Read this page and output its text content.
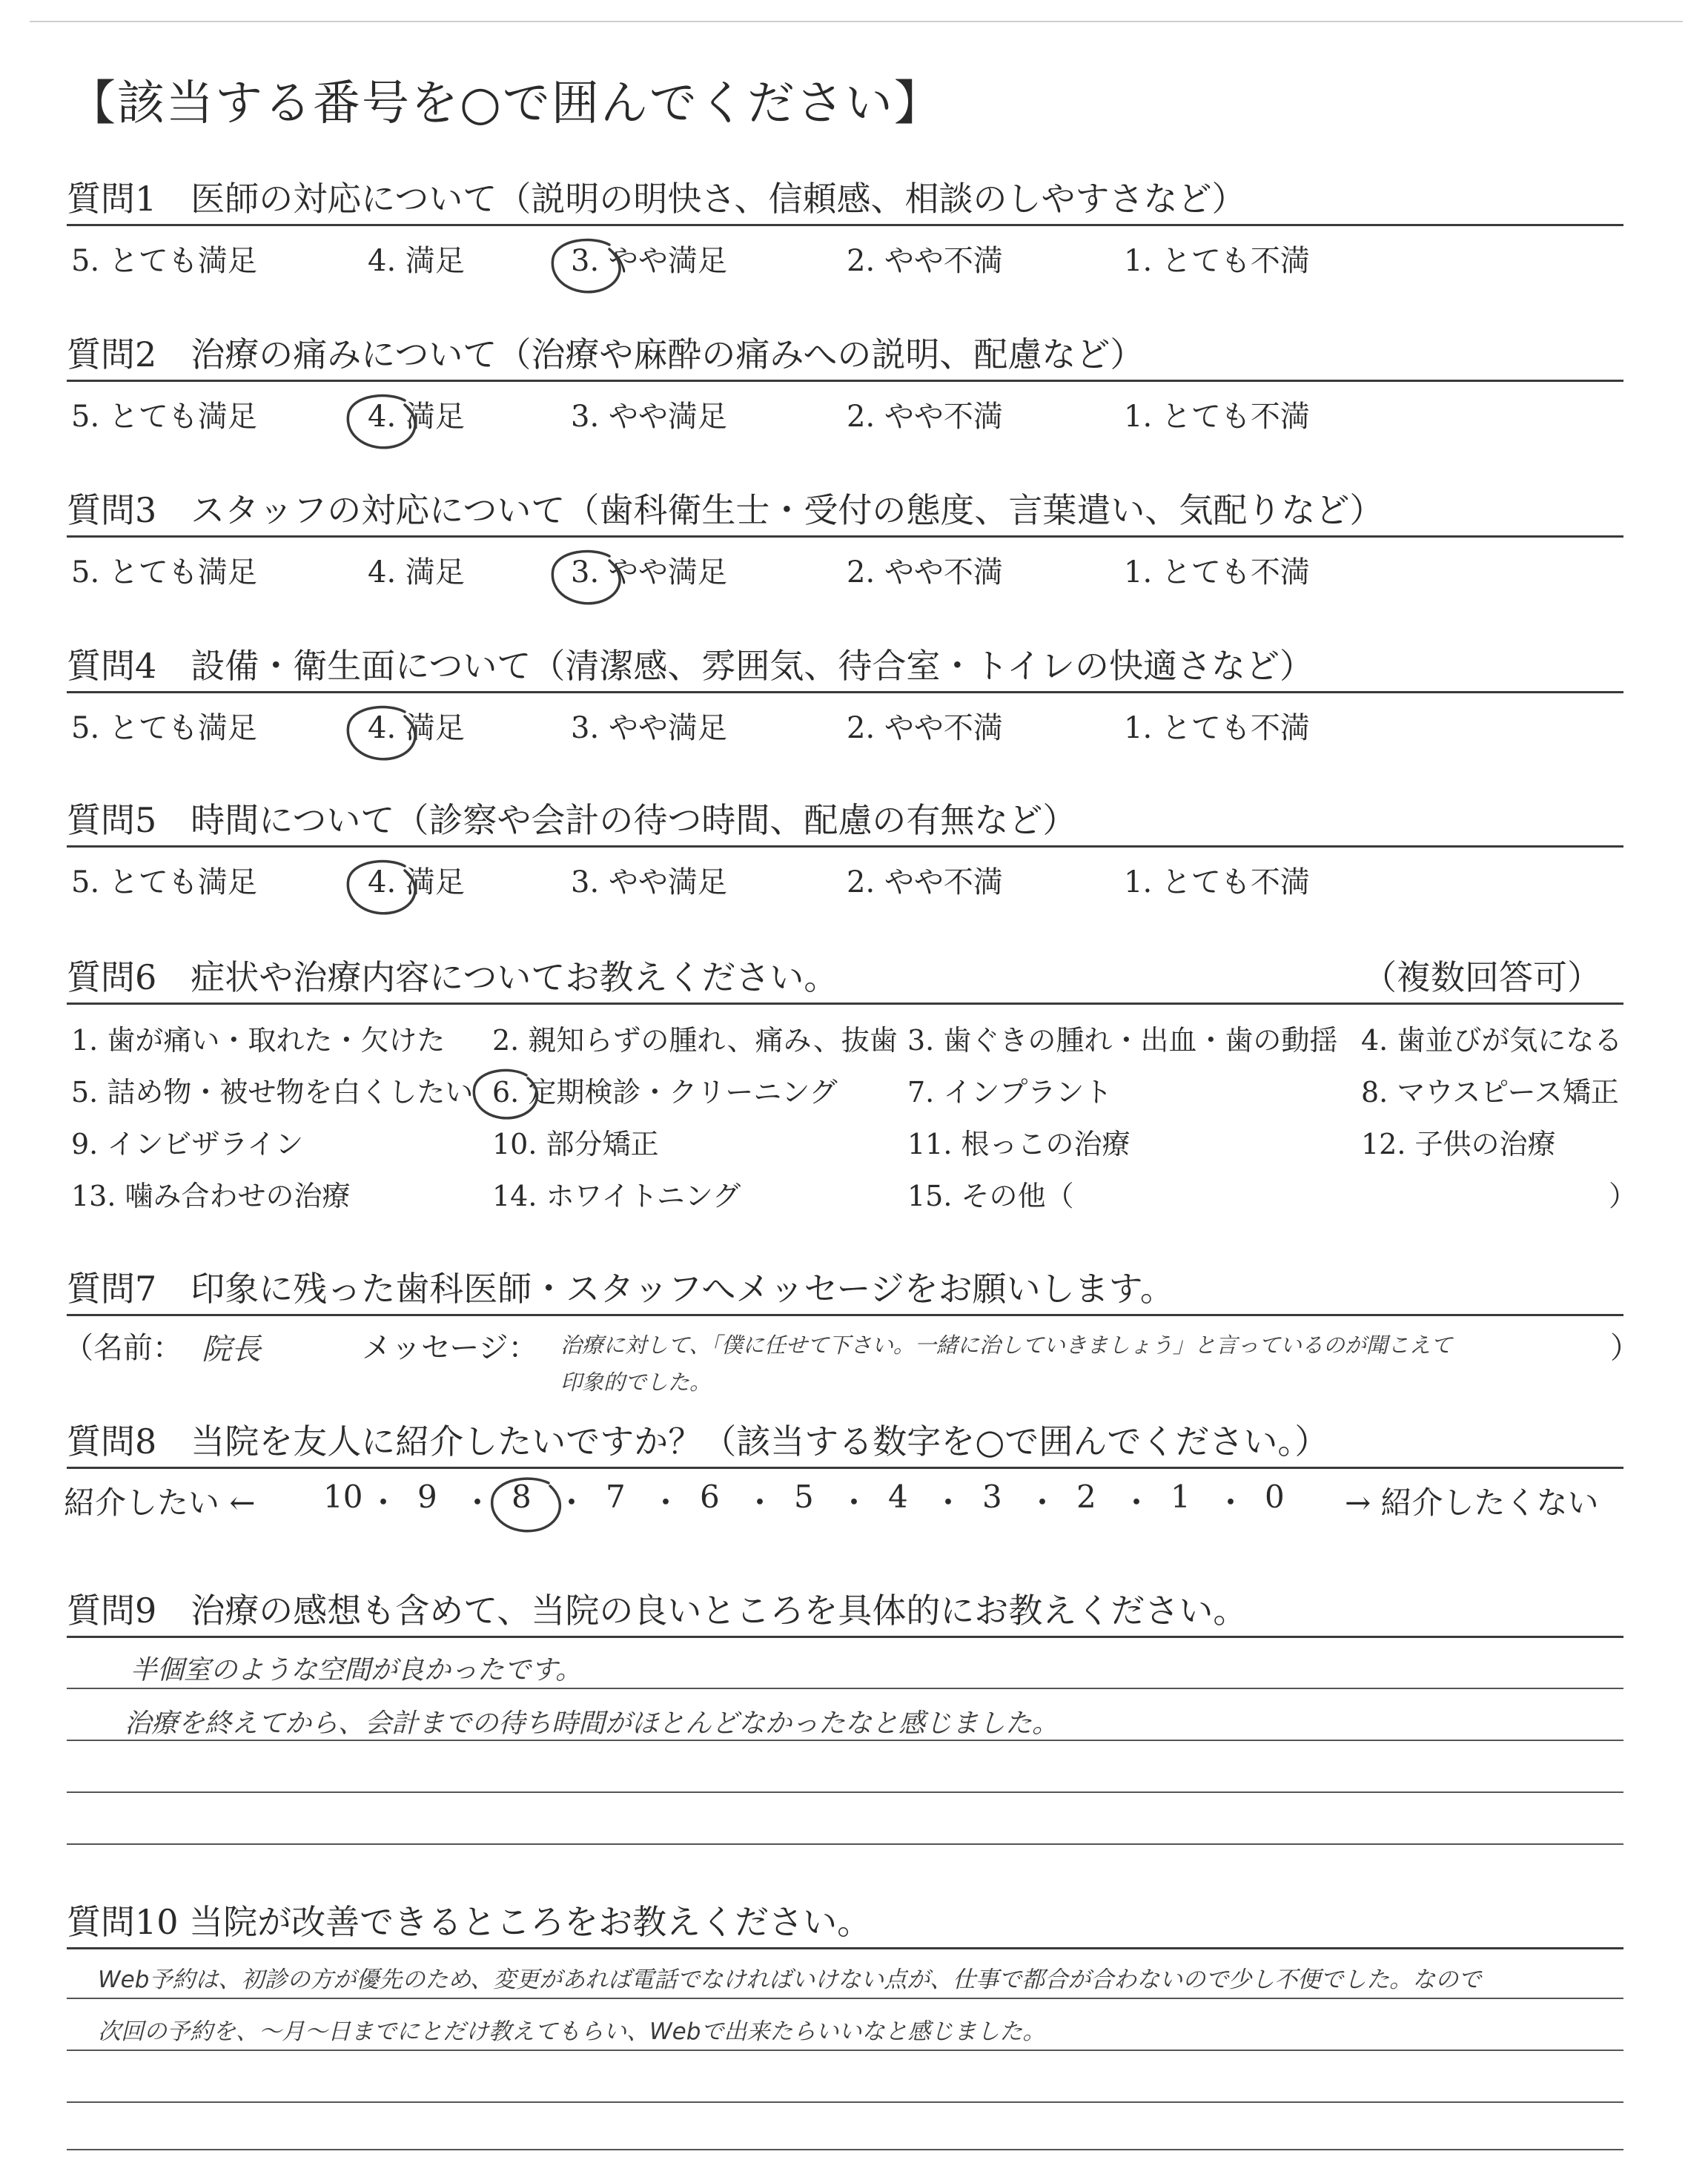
【該当する番号を○で囲んでください】
質問1　医師の対応について（説明の明快さ、信頼感、相談のしやすさなど）
5. とても満足	4. 満足	3. やや満足	2. やや不満	1. とても不満
質問2　治療の痛みについて（治療や麻酔の痛みへの説明、配慮など）
5. とても満足	4. 満足	3. やや満足	2. やや不満	1. とても不満
質問3　スタッフの対応について（歯科衛生士・受付の態度、言葉遣い、気配りなど）
5. とても満足	4. 満足	3. やや満足	2. やや不満	1. とても不満
質問4　設備・衛生面について（清潔感、雰囲気、待合室・トイレの快適さなど）
5. とても満足	4. 満足	3. やや満足	2. やや不満	1. とても不満
質問5　時間について（診察や会計の待つ時間、配慮の有無など）
5. とても満足	4. 満足	3. やや満足	2. やや不満	1. とても不満
質問6　症状や治療内容についてお教えください。	（複数回答可）
1. 歯が痛い・取れた・欠けた 2. 親知らずの腫れ、痛み、抜歯 3. 歯ぐきの腫れ・出血・歯の動揺 4. 歯並びが気になる
5. 詰め物・被せ物を白くしたい 6. 定期検診・クリーニング 7. インプラント	8. マウスピース矯正
9. インビザライン	10. 部分矯正	11. 根っこの治療	12. 子供の治療
13. 噛み合わせの治療	14. ホワイトニング	15. その他（	）
質問7　印象に残った歯科医師・スタッフへメッセージをお願いします。
（名前： 院長	メッセージ： 治療に対して、「僕に任せて下さい。一緒に治していきましょう」と言っているのが聞こえて
印象的でした。
）
質問8　当院を友人に紹介したいですか？（該当する数字を○で囲んでください。）
紹介したい ←	→ 紹介したくない
10 ・ 9 ・ 8 ・ 7 ・ 6 ・ 5 ・ 4 ・ 3 ・ 2 ・ 1 ・ 0
質問9　治療の感想も含めて、当院の良いところを具体的にお教えください。
半個室のような空間が良かったです。
治療を終えてから、会計までの待ち時間がほとんどなかったなと感じました。
質問10 当院が改善できるところをお教えください。
Web予約は、初診の方が優先のため、変更があれば電話でなければいけない点が、仕事で都合が合わないので少し不便でした。なので
次回の予約を、～月～日までにとだけ教えてもらい、Webで出来たらいいなと感じました。
